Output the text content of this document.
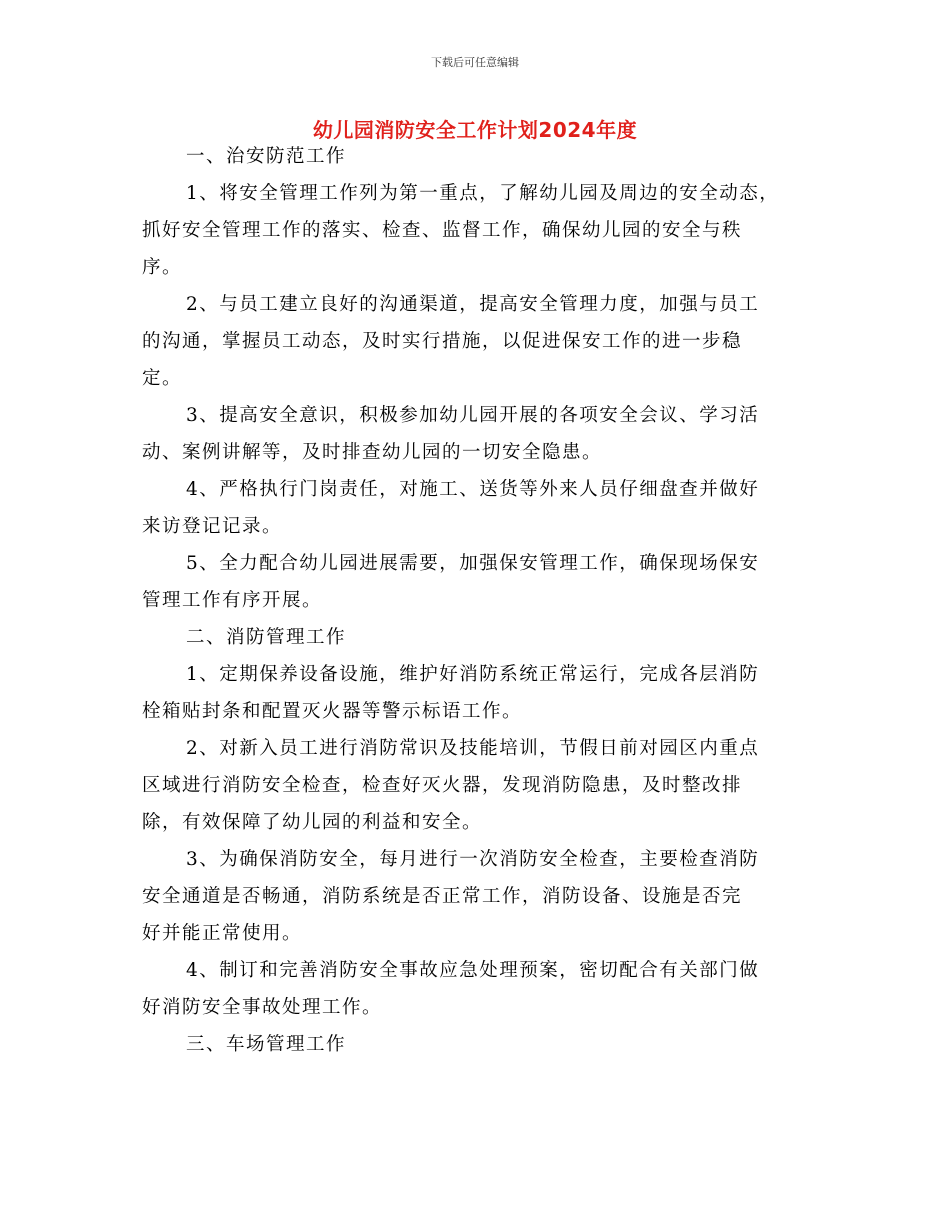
下载后可任意编辑
幼儿园消防安全工作计划2024年度
一、治安防范工作
1、将安全管理工作列为第一重点，了解幼儿园及周边的安全动态，
抓好安全管理工作的落实、检查、监督工作，确保幼儿园的安全与秩
序。
2、与员工建立良好的沟通渠道，提高安全管理力度，加强与员工
的沟通，掌握员工动态，及时实行措施，以促进保安工作的进一步稳
定。
3、提高安全意识，积极参加幼儿园开展的各项安全会议、学习活
动、案例讲解等，及时排查幼儿园的一切安全隐患。
4、严格执行门岗责任，对施工、送货等外来人员仔细盘查并做好
来访登记记录。
5、全力配合幼儿园进展需要，加强保安管理工作，确保现场保安
管理工作有序开展。
二、消防管理工作
1、定期保养设备设施，维护好消防系统正常运行，完成各层消防
栓箱贴封条和配置灭火器等警示标语工作。
2、对新入员工进行消防常识及技能培训，节假日前对园区内重点
区域进行消防安全检查，检查好灭火器，发现消防隐患，及时整改排
除，有效保障了幼儿园的利益和安全。
3、为确保消防安全，每月进行一次消防安全检查，主要检查消防
安全通道是否畅通，消防系统是否正常工作，消防设备、设施是否完
好并能正常使用。
4、制订和完善消防安全事故应急处理预案，密切配合有关部门做
好消防安全事故处理工作。
三、车场管理工作
